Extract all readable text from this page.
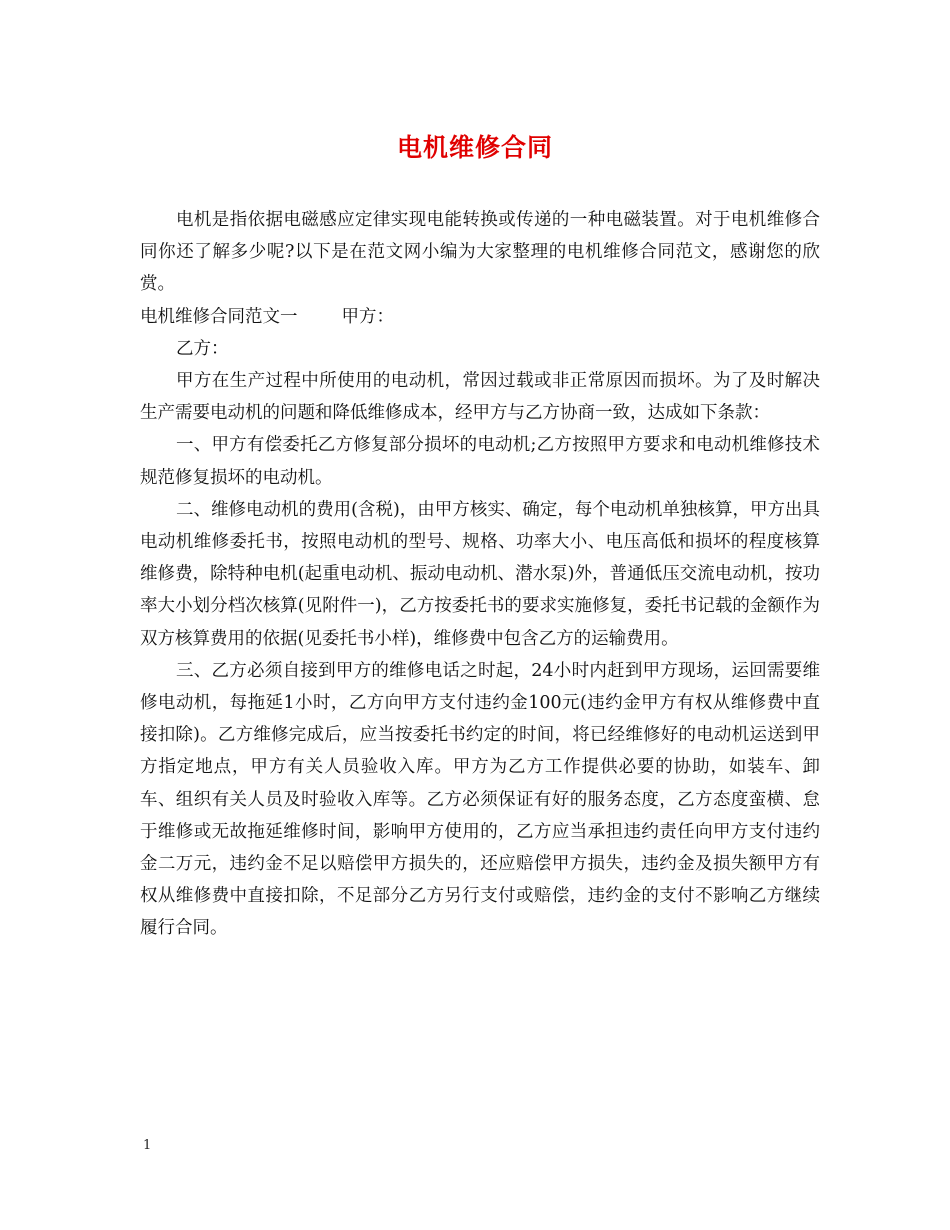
电机维修合同

电机是指依据电磁感应定律实现电能转换或传递的一种电磁装置。对于电机维修合同你还了解多少呢?以下是在范文网小编为大家整理的电机维修合同范文，感谢您的欣赏。

电机维修合同范文一	甲方：

乙方：

甲方在生产过程中所使用的电动机，常因过载或非正常原因而损坏。为了及时解决生产需要电动机的问题和降低维修成本，经甲方与乙方协商一致，达成如下条款：

一、甲方有偿委托乙方修复部分损坏的电动机;乙方按照甲方要求和电动机维修技术规范修复损坏的电动机。

二、维修电动机的费用(含税)，由甲方核实、确定，每个电动机单独核算，甲方出具电动机维修委托书，按照电动机的型号、规格、功率大小、电压高低和损坏的程度核算维修费，除特种电机(起重电动机、振动电动机、潜水泵)外，普通低压交流电动机，按功率大小划分档次核算(见附件一)，乙方按委托书的要求实施修复，委托书记载的金额作为双方核算费用的依据(见委托书小样)，维修费中包含乙方的运输费用。

三、乙方必须自接到甲方的维修电话之时起，24小时内赶到甲方现场，运回需要维修电动机，每拖延1小时，乙方向甲方支付违约金100元(违约金甲方有权从维修费中直接扣除)。乙方维修完成后，应当按委托书约定的时间，将已经维修好的电动机运送到甲方指定地点，甲方有关人员验收入库。甲方为乙方工作提供必要的协助，如装车、卸车、组织有关人员及时验收入库等。乙方必须保证有好的服务态度，乙方态度蛮横、怠于维修或无故拖延维修时间，影响甲方使用的，乙方应当承担违约责任向甲方支付违约金二万元，违约金不足以赔偿甲方损失的，还应赔偿甲方损失，违约金及损失额甲方有权从维修费中直接扣除，不足部分乙方另行支付或赔偿，违约金的支付不影响乙方继续履行合同。

1
